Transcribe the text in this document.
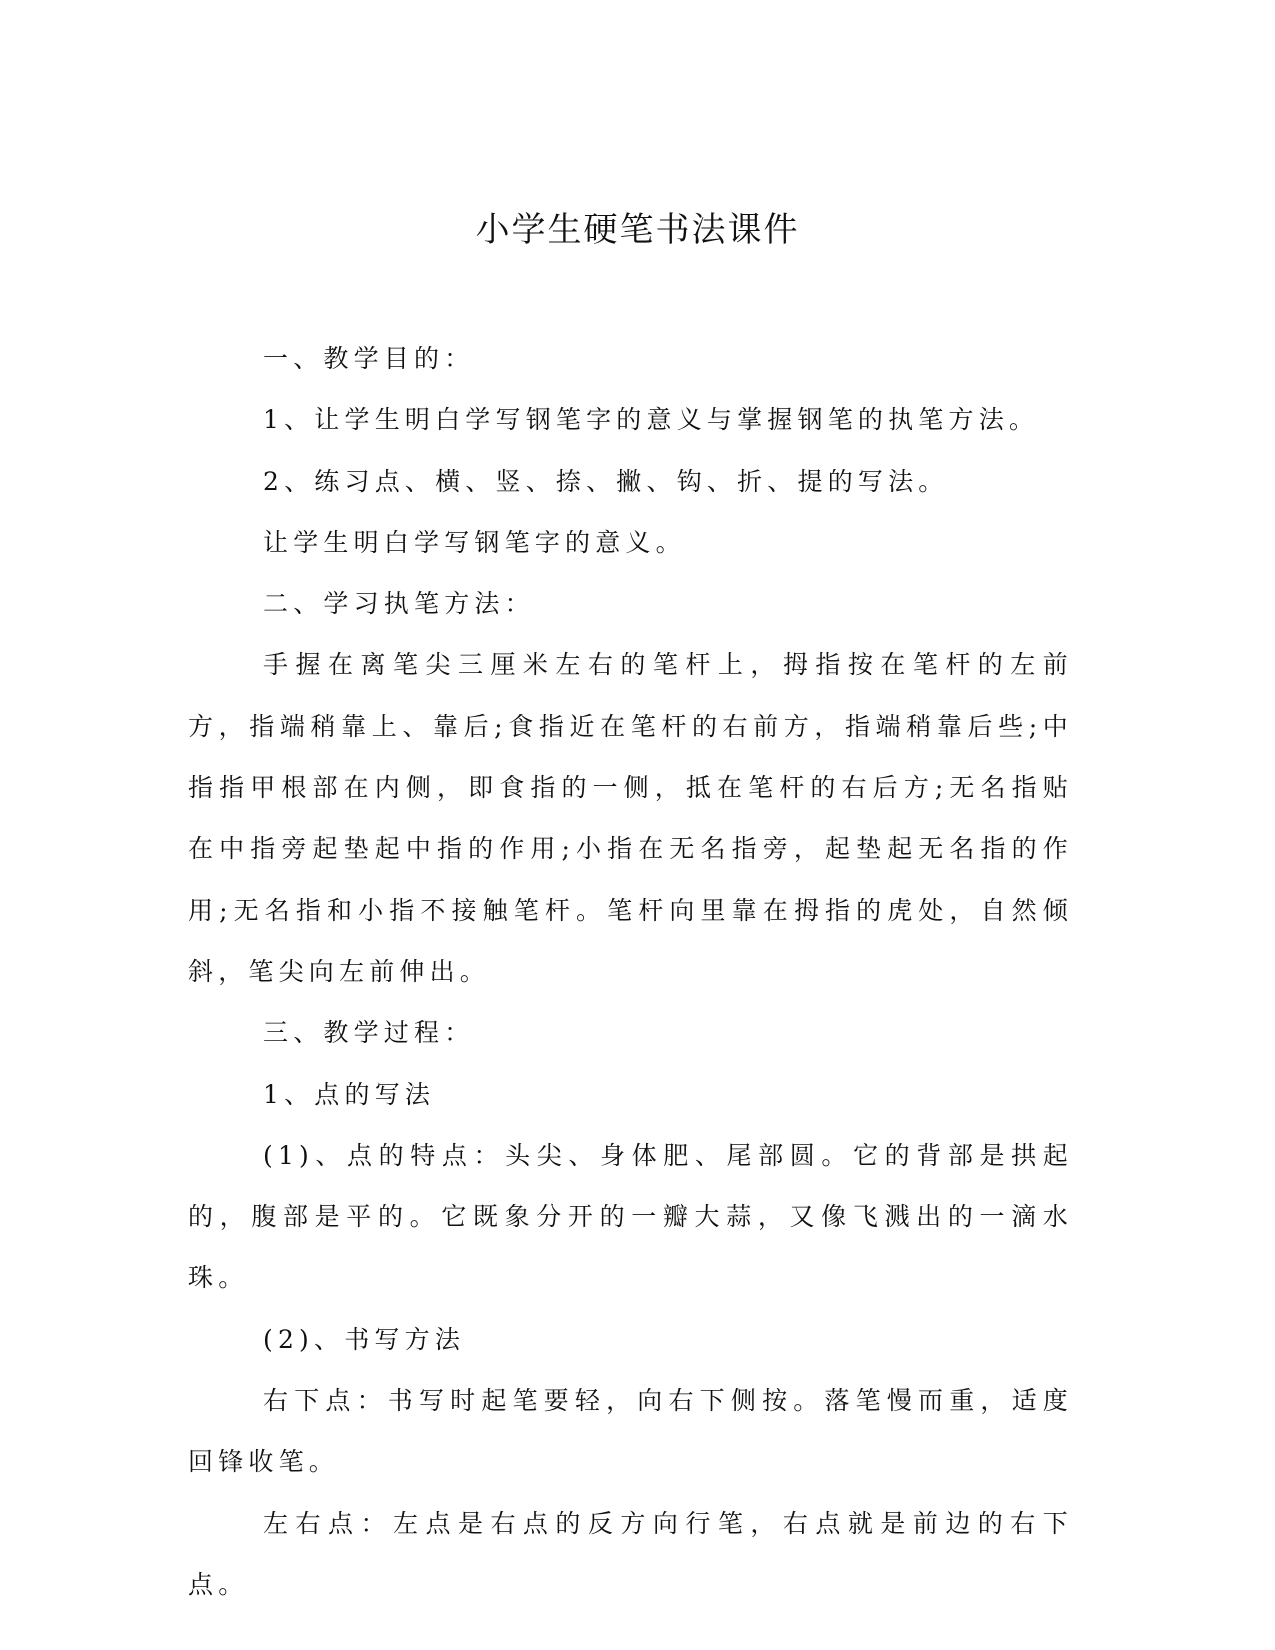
小学生硬笔书法课件

一、教学目的：

1、让学生明白学写钢笔字的意义与掌握钢笔的执笔方法。

2、练习点、横、竖、捺、撇、钩、折、提的写法。

让学生明白学写钢笔字的意义。

二、学习执笔方法：

手握在离笔尖三厘米左右的笔杆上，拇指按在笔杆的左前方，指端稍靠上、靠后;食指近在笔杆的右前方，指端稍靠后些;中指指甲根部在内侧，即食指的一侧，抵在笔杆的右后方;无名指贴在中指旁起垫起中指的作用;小指在无名指旁，起垫起无名指的作用;无名指和小指不接触笔杆。笔杆向里靠在拇指的虎处，自然倾斜，笔尖向左前伸出。

三、教学过程：

1、点的写法

(1)、点的特点：头尖、身体肥、尾部圆。它的背部是拱起的，腹部是平的。它既象分开的一瓣大蒜，又像飞溅出的一滴水珠。

(2)、书写方法

右下点：书写时起笔要轻，向右下侧按。落笔慢而重，适度回锋收笔。

左右点：左点是右点的反方向行笔，右点就是前边的右下点。
